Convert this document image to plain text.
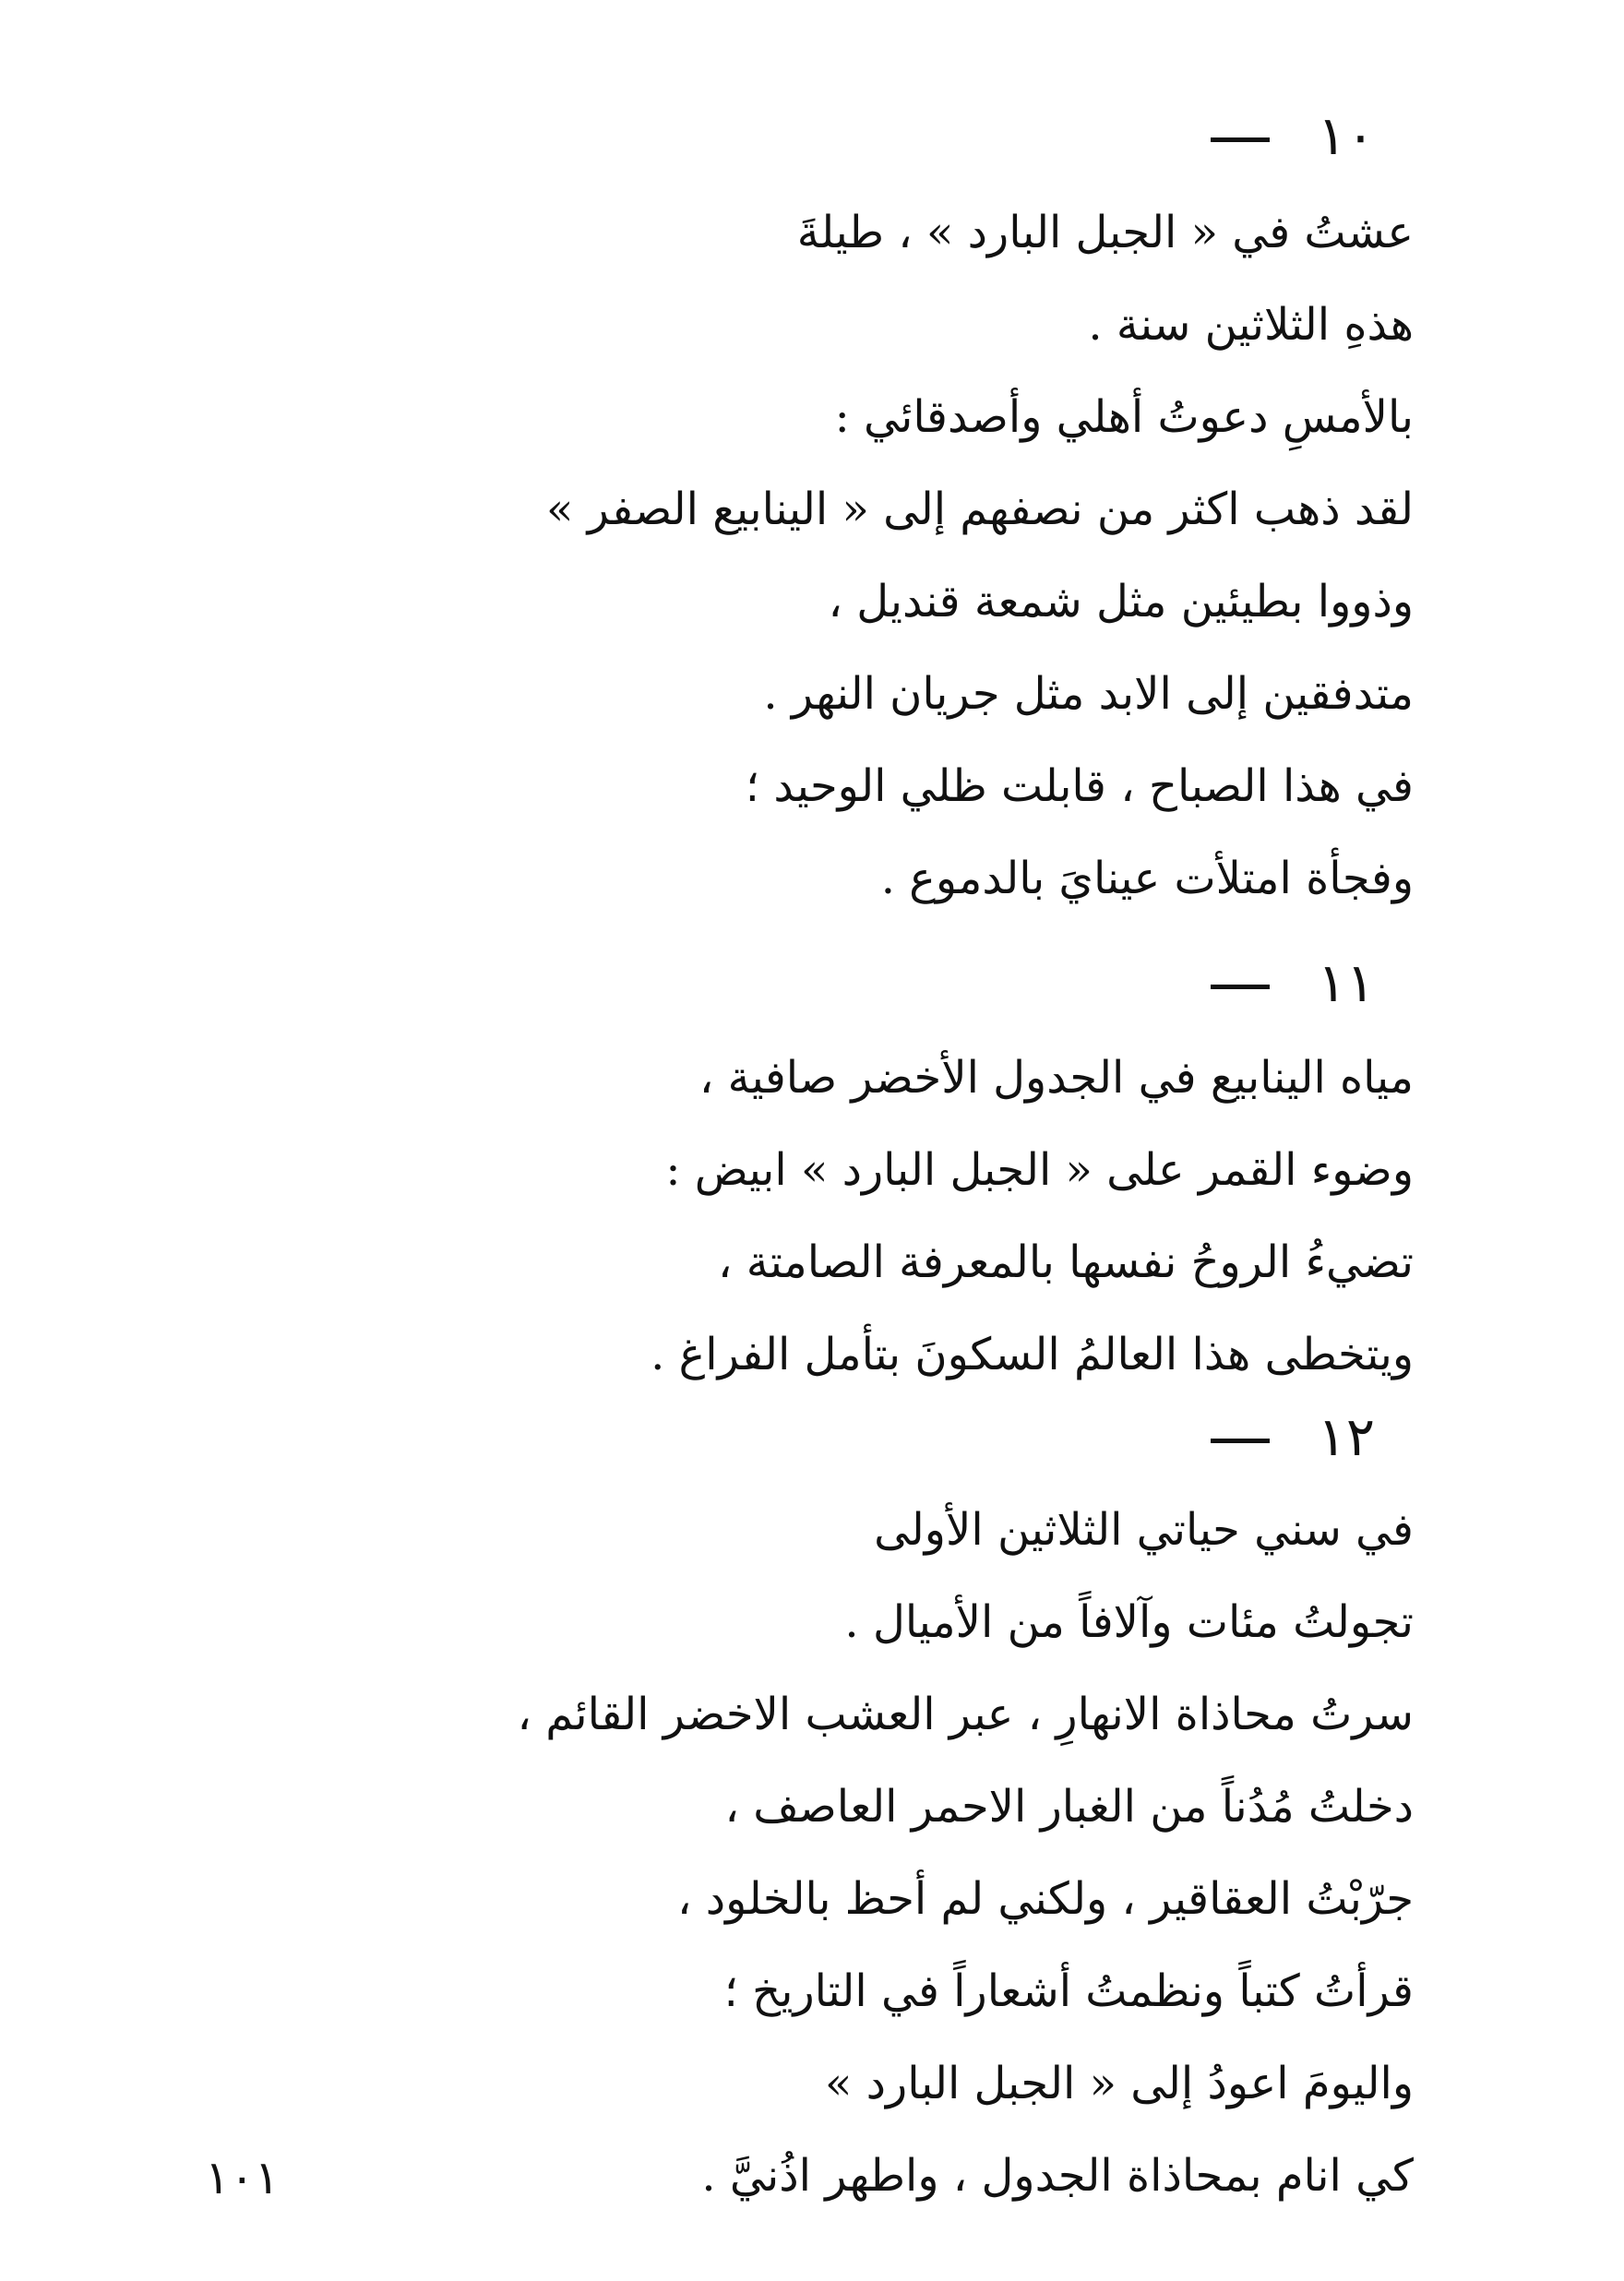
١٠
عشتُ في « الجبل البارد » ، طيلةَ
هذهِ الثلاثين سنة .
بالأمسِ دعوتُ أهلي وأصدقائي :
لقد ذهب اكثر من نصفهم إلى « الينابيع الصفر »
وذووا بطيئين مثل شمعة قنديل ،
متدفقين إلى الابد مثل جريان النهر .
في هذا الصباح ، قابلت ظلي الوحيد ؛
وفجأة امتلأت عينايَ بالدموع .
١١
مياه الينابيع في الجدول الأخضر صافية ،
وضوء القمر على « الجبل البارد » ابيض :
تضيءُ الروحُ نفسها بالمعرفة الصامتة ،
ويتخطى هذا العالمُ السكونَ بتأمل الفراغ .
١٢
في سني حياتي الثلاثين الأولى
تجولتُ مئات وآلافاً من الأميال .
سرتُ محاذاة الانهارِ ، عبر العشب الاخضر القائم ،
دخلتُ مُدُناً من الغبار الاحمر العاصف ،
جرّبْتُ العقاقير ، ولكني لم أحظ بالخلود ،
قرأتُ كتباً ونظمتُ أشعاراً في التاريخ ؛
واليومَ اعودُ إلى « الجبل البارد »
كي انام بمحاذاة الجدول ، واطهر اذُنيَّ .
١٠١
